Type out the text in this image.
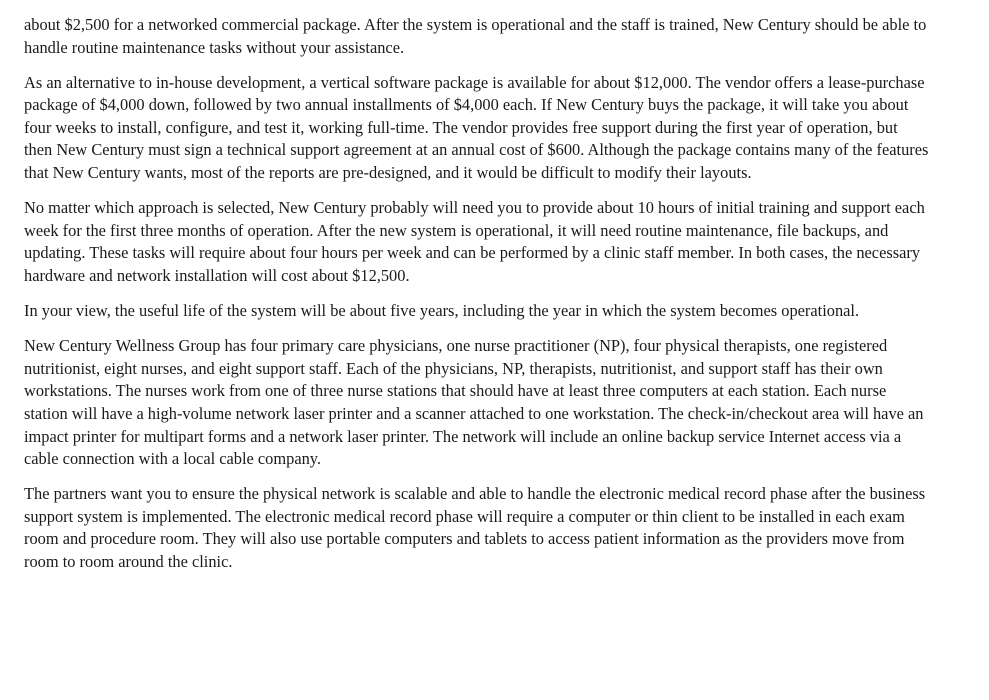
about $2,500 for a networked commercial package. After the system is operational and the staff is trained, New Century should be able to handle routine maintenance tasks without your assistance.

As an alternative to in-house development, a vertical software package is available for about $12,000. The vendor offers a lease-purchase package of $4,000 down, followed by two annual installments of $4,000 each. If New Century buys the package, it will take you about four weeks to install, configure, and test it, working full-time. The vendor provides free support during the first year of operation, but then New Century must sign a technical support agreement at an annual cost of $600. Although the package contains many of the features that New Century wants, most of the reports are pre-designed, and it would be difficult to modify their layouts.

No matter which approach is selected, New Century probably will need you to provide about 10 hours of initial training and support each week for the first three months of operation. After the new system is operational, it will need routine maintenance, file backups, and updating. These tasks will require about four hours per week and can be performed by a clinic staff member. In both cases, the necessary hardware and network installation will cost about $12,500.

In your view, the useful life of the system will be about five years, including the year in which the system becomes operational.

New Century Wellness Group has four primary care physicians, one nurse practitioner (NP), four physical therapists, one registered nutritionist, eight nurses, and eight support staff. Each of the physicians, NP, therapists, nutritionist, and support staff has their own workstations. The nurses work from one of three nurse stations that should have at least three computers at each station. Each nurse station will have a high-volume network laser printer and a scanner attached to one workstation. The check-in/checkout area will have an impact printer for multipart forms and a network laser printer. The network will include an online backup service Internet access via a cable connection with a local cable company.

The partners want you to ensure the physical network is scalable and able to handle the electronic medical record phase after the business support system is implemented. The electronic medical record phase will require a computer or thin client to be installed in each exam room and procedure room. They will also use portable computers and tablets to access patient information as the providers move from room to room around the clinic.
